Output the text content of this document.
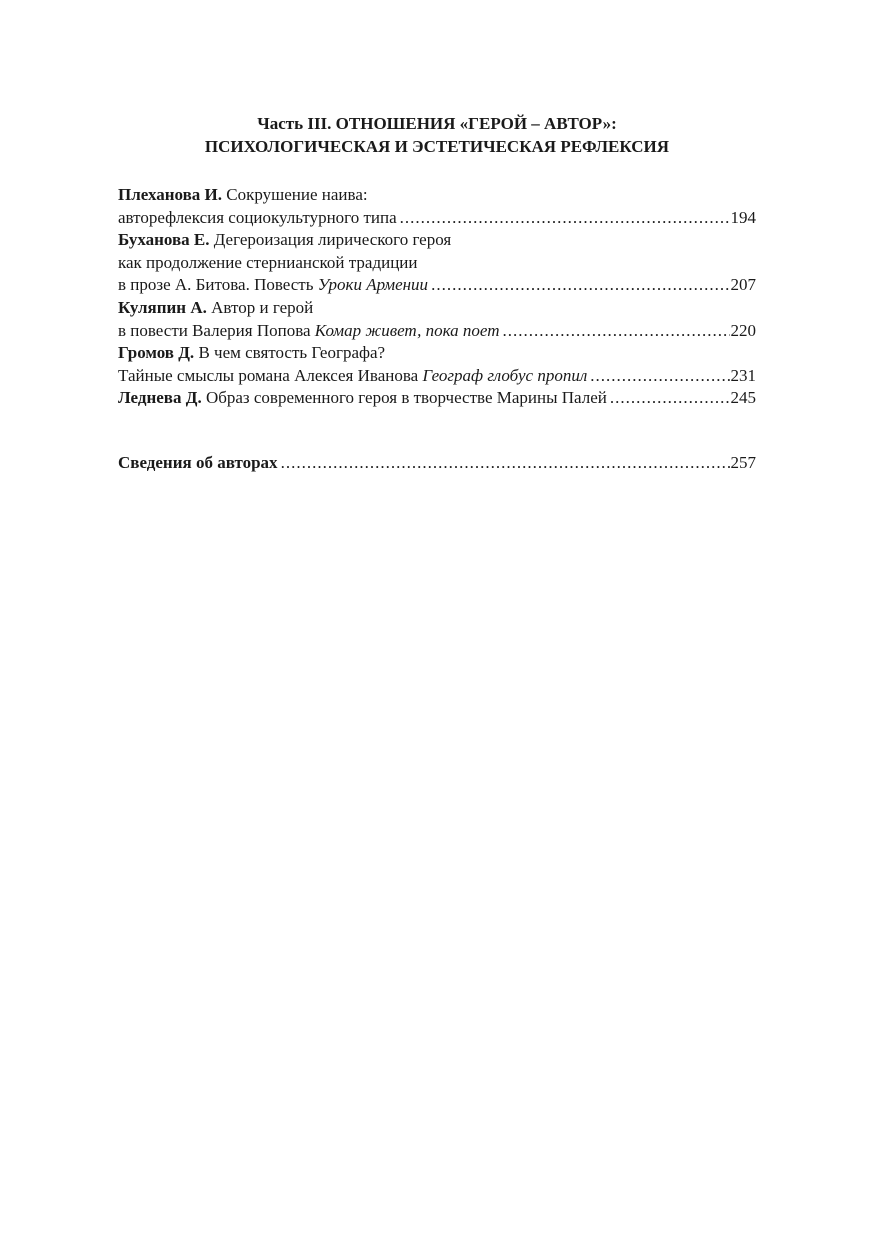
Часть III. ОТНОШЕНИЯ «ГЕРОЙ – АВТОР»:
ПСИХОЛОГИЧЕСКАЯ И ЭСТЕТИЧЕСКАЯ РЕФЛЕКСИЯ
Плеханова И. Сокрушение наива:
авторефлексия социокультурного типа .....	194
Буханова Е. Дегероизация лирического героя
как продолжение стернианской традиции
в прозе А. Битова. Повесть Уроки Армении .....	207
Куляпин А. Автор и герой
в повести Валерия Попова Комар живет, пока поет .....	220
Громов Д. В чем святость Географа?
Тайные смыслы романа Алексея Иванова Географ глобус пропил .....	231
Леднева Д. Образ современного героя в творчестве Марины Палей .....	245
Сведения об авторах .....	257
